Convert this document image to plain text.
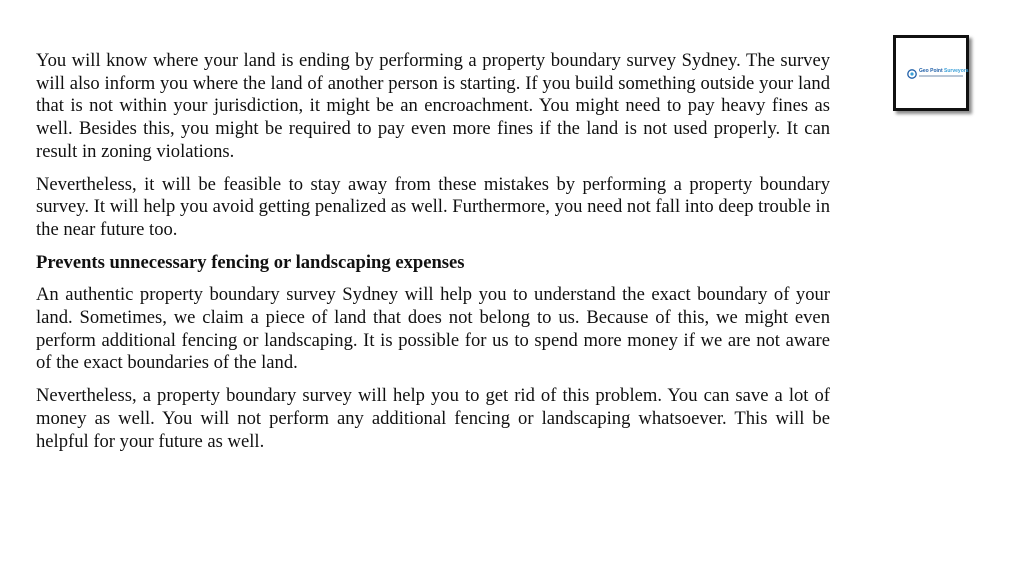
You will know where your land is ending by performing a property boundary survey Sydney. The survey will also inform you where the land of another person is starting. If you build something outside your land that is not within your jurisdiction, it might be an encroachment. You might need to pay heavy fines as well. Besides this, you might be required to pay even more fines if the land is not used properly. It can result in zoning violations.

Nevertheless, it will be feasible to stay away from these mistakes by performing a property boundary survey. It will help you avoid getting penalized as well. Furthermore, you need not fall into deep trouble in the near future too.

Prevents unnecessary fencing or landscaping expenses

An authentic property boundary survey Sydney will help you to understand the exact boundary of your land. Sometimes, we claim a piece of land that does not belong to us. Because of this, we might even perform additional fencing or landscaping. It is possible for us to spend more money if we are not aware of the exact boundaries of the land.

Nevertheless, a property boundary survey will help you to get rid of this problem. You can save a lot of money as well. You will not perform any additional fencing or landscaping whatsoever. This will be helpful for your future as well.

Geo Point Surveyors
